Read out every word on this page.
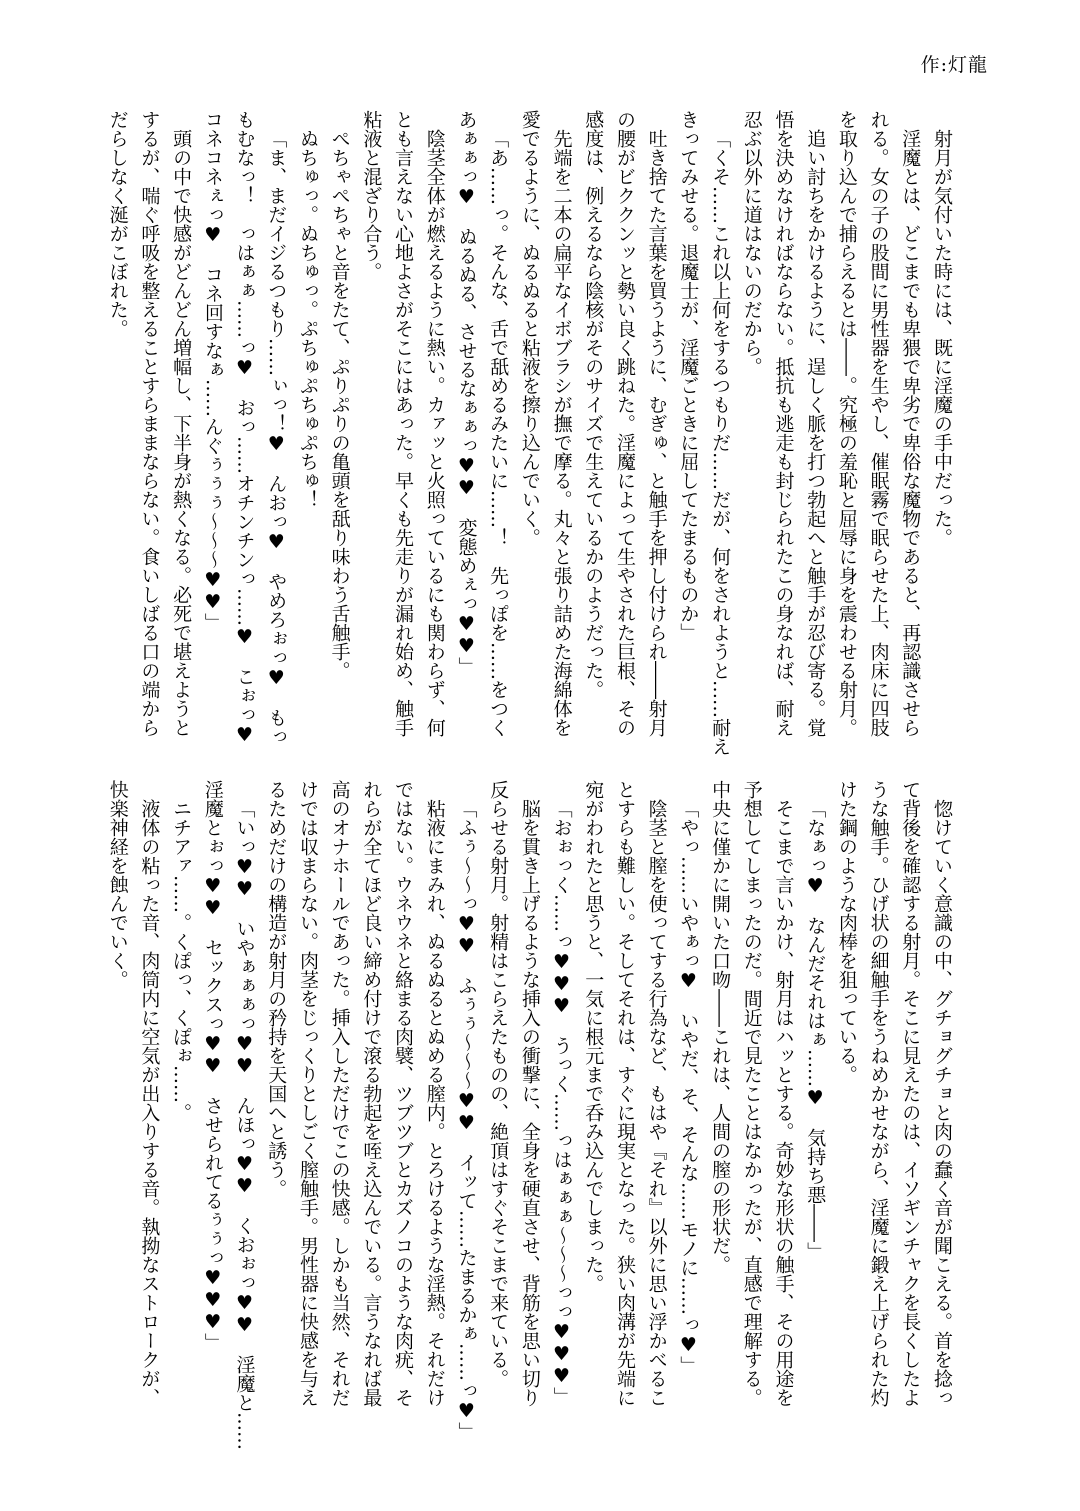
作:灯龍
射月が気付いた時には、既に淫魔の手中だった。
淫魔とは、どこまでも卑猥で卑劣で卑俗な魔物であると、再認識させら
れる。女の子の股間に男性器を生やし、催眠霧で眠らせた上、肉床に四肢
を取り込んで捕らえるとは――。究極の羞恥と屈辱に身を震わせる射月。
追い討ちをかけるように、逞しく脈を打つ勃起へと触手が忍び寄る。覚
悟を決めなければならない。抵抗も逃走も封じられたこの身なれば、耐え
忍ぶ以外に道はないのだから。
「くそ……これ以上何をするつもりだ……だが、何をされようと……耐え
きってみせる。退魔士が、淫魔ごときに屈してたまるものか」
吐き捨てた言葉を買うように、むぎゅ、と触手を押し付けられ――射月
の腰がビククンッと勢い良く跳ねた。淫魔によって生やされた巨根、その
感度は、例えるなら陰核がそのサイズで生えているかのようだった。
先端を二本の扁平なイボブラシが撫で摩る。丸々と張り詰めた海綿体を
愛でるように、ぬるぬると粘液を擦り込んでいく。
「あ……っ。そんな、舌で舐めるみたいに……！　先っぽを……をつく
あぁぁっ♥　ぬるぬる、させるなぁぁっ♥♥　変態めぇっ♥♥」
陰茎全体が燃えるように熱い。カァッと火照っているにも関わらず、何
とも言えない心地よさがそこにはあった。早くも先走りが漏れ始め、触手
粘液と混ざり合う。
ぺちゃぺちゃと音をたて、ぷりぷりの亀頭を舐り味わう舌触手。
ぬちゅっ。ぬちゅっ。ぷちゅぷちゅぷちゅ！
「ま、まだイジるつもり……ぃっ！♥　んおっ♥　やめろぉっ♥　もっ
もむなっ！　っはぁぁ……っ♥　おっ……オチンチンっ……♥　こぉっ♥
コネコネぇっ♥　コネ回すなぁ……んぐぅぅぅ～～～♥♥」
頭の中で快感がどんどん増幅し、下半身が熱くなる。必死で堪えようと
するが、喘ぐ呼吸を整えることすらままならない。食いしばる口の端から
だらしなく涎がこぼれた。
惚けていく意識の中、グチョグチョと肉の蠢く音が聞こえる。首を捻っ
て背後を確認する射月。そこに見えたのは、イソギンチャクを長くしたよ
うな触手。ひげ状の細触手をうねめかせながら、淫魔に鍛え上げられた灼
けた鋼のような肉棒を狙っている。
「なぁっ♥　なんだそれはぁ……♥　気持ち悪――」
そこまで言いかけ、射月はハッとする。奇妙な形状の触手、その用途を
予想してしまったのだ。間近で見たことはなかったが、直感で理解する。
中央に僅かに開いた口吻――これは、人間の膣の形状だ。
「やっ……いやぁっ♥　いやだ、そ、そんな……モノに……っ♥」
陰茎と膣を使ってする行為など、もはや『それ』以外に思い浮かべるこ
とすらも難しい。そしてそれは、すぐに現実となった。狭い肉溝が先端に
宛がわれたと思うと、一気に根元まで呑み込んでしまった。
「おぉっく……っ♥♥♥　うっく……っはぁぁぁ～～～っっ♥♥♥」
脳を貫き上げるような挿入の衝撃に、全身を硬直させ、背筋を思い切り
反らせる射月。射精はこらえたものの、絶頂はすぐそこまで来ている。
「ふぅ～～っ♥♥　ふぅぅ～～～♥♥　イッて……たまるかぁ……っ♥」
粘液にまみれ、ぬるぬるとぬめる膣内。とろけるような淫熱。それだけ
ではない。ウネウネと絡まる肉襞、ツブツブとカズノコのような肉疣、そ
れらが全てほど良い締め付けで滾る勃起を咥え込んでいる。言うなれば最
高のオナホールであった。挿入しただけでこの快感。しかも当然、それだ
けでは収まらない。肉茎をじっくりとしごく膣触手。男性器に快感を与え
るためだけの構造が射月の矜持を天国へと誘う。
「いっ♥♥　いやぁぁぁっ♥♥　んほっ♥♥　くおぉっ♥♥　淫魔と……
淫魔とぉっ♥♥　セックスっ♥♥　させられてるぅぅっ♥♥♥」
ニチアァ……。くぽっ、くぽぉ……。
液体の粘った音、肉筒内に空気が出入りする音。執拗なストロークが、
快楽神経を蝕んでいく。
